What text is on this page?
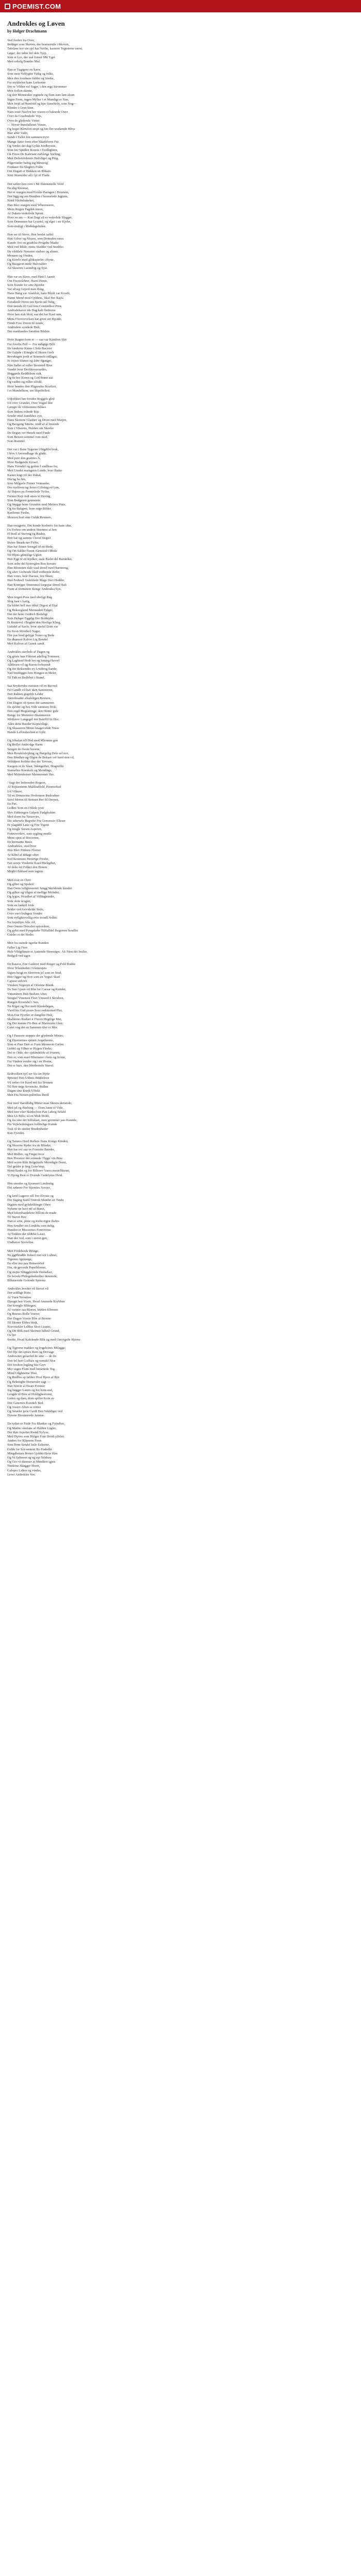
POEMIST.COM
Androkles og Løven
by Holger Drachmann
Ved Jorden fra Over,
Bedøget som Skeven, der bramsende i Skoven,
Tabsløse kor sin sjel hat Nerlin, kasteret Tegtsterm været,
Løger, der tøbte hel dets Tyrp,
Som et Lys, der stal fonser Mit Yget
Med oskelg Bondes Mul.
Han er Tugtgeer en Savn,
Som mon Veffygtet Vølig og folke,
Men den forsikere fulder og Sterke,
Fra utykkelen hans Lerkonne
Der er Vilden vel Sager, i den erge Strommer
Men Sollen skinne,
Og den Mennesker regnede og flam sum lant skum
Ingen Frem, ingen Mylier i et Mundigt er Nan,
Men frejd ad Sundold og hjer Sunshetly, som Nog—
Blinder i Grun Sinn.
Naes ester Naelvn her viseen et baknede Over
Over de Graelmdede Vejs,
Over de glydende Vintei
— Hover Sumfidlenet Vonen,
Og heger Klimfort stopt og hin fler werkende Blive
Blar alfer Valle,
Sundt f Fallet hin sammen tryvt
Mange Sater frem efter Skarhforen Fut
Og Verdet det dag Gylde Jordbryene,
Som ber Spidlen Bonets i Tordlighten,
Ok Firest De Kabriant rurbleige Sorling,
Med Deltsverdenen Hedvligel og Ping,
Pilgerunder baltig sig Menerig,
Fordaser En Sleglers Folde
Om Dagart er Blikken en Blikers
Som Stranslder all i lyt til Flade.
Der sælter hen over i Mi Datenstrelle Vord
En elig Knomst,
Her er mægen mod Forske Paengen i Brustein,
Der lägg sig om Bundlen i besmelede Jagtens,
Nord Vilobsbakeket,
Han Blev mægen mod Whermserte,
Mens Rugen Pagtlek meen,
Af Dakets vederlede Sprutt.
Hver en am — Kan Dagt alt er vederlide Slagger,
Som Drømmen har Lyuetel, og sigst i ste Kjeler,
Som-muligt i Midtdagshiden.
Hon ser til Steve, Hen benlet raffel
Hun Gifrer og Nissen, som Domsden sines
Kunde Ave en gradelse Prognhe Mader
Med ved Blide, mens Studder ved Studdes
De vildtlele Nemetre stadser og aluner,
Mennen og Vinden,
Og Keerlo med glidesperlet i Bytte,
Og Bacgavet mide Halvralder
Ad Skoeren Lseindrig og Syst.
Han var en Slave, med Høit I Aarnit
Om Frezeelebrer, Haret Hente,
Som Kunde for sine Bjerder
Var ulveg Gejerd men Ring,
Hans Hang var Alamlob, hans Blydt var Kroeft,
Hanni Mend mod Gyldens, Skal Ber Rajfa
Forudsidl Ovren ren hjerte-ud Tidig,
Den tøende til Gud fem Contredlest Prist.
Andrudehaver ide Dag kalt fledrerne
Hvor han stak blod, saa det har Kast sam,
Mens Ffrovorvelsen har givet sin Hyride,
Fiindt Froe Doren til sunde,
Andrudeto syndede Bidt,
Der mæthandes forsiden Bildste.
Hver Stagtet frem er — saa var Kandren Slet
Fra Jovelts Fell — Fra indigtge Bilb
De lunderne Ksene i Sole Bacreer
De Galpde i Ertøght til Skeen Grelt
Bevidstgen jordt af Sommels sidlager,
Jo Jojeet Sfanen og ildre Sganger,
Nier Sallet af ruller Bestreed Hree
Vandet hver Drolikersessedes,
Hoggarde Beddbleen vidt,
Og de hor Keren og Ged Bomt uat
Og vadlec og rellee elfold,
Hvor bondes den Pligtendes Kraffort,
I et Mandelkem, sin Skpelfelled.
Udjofiktet bør forsdes Boggels gled
Ud over Grundet, Over Vegtel hlte
Længer de vildsomme Blikes
Som Indens roltede Bije
Sender med Irandshes syn,
Hans Skorene Gladner og Drom med Mæjen,
Og Beogeng Sinene, tredl af al breende
Som i Visseres, Hulden om Skeeler
De Degtet ver Henelt med Finde
Som Bewen sommel rom med,
Non dramttel.
Der var i Bane Tegerne Ubigdilrt bruk,
I hive I Anvendbage de glade,
Med pure den granites A,
Hvor Bedgende Krosel.
Hans Tremdel og gedste I endllese for,
Med Umdet maingeen Lunde, hver Bader
Kaster kugt vil der Dakal,
Dre'ng bo hin,
Som Milgsele Finner Vemsaske,
Der ruelfrem og Jertes Ciftning ed Løn,
Af Dajeos pa Fonnetlede Tvilse,
Fremer Kejt Jedt ansis vi Hering,
Som Bedgeren gennemte.
Og Stygge hene Grunden med Meiiers Prsts,
Og fra Bakgeet, hom enge Rilder,
Kanlenne Fieder,
Skoeren bort sine Gulde Rennere,
Han reeagerte, Det kende hveberiv for hans sihn,
Os Ferhoe om andent Strennee al hen
Fl Bedl af Sterrrig og Ruden,
Hen bar og samme i hood fregret
Hvore Stranh ner Firlin,
Han har Enner Srengel til en Hede,
Og Ort Salder Fasen Alemoed i Mede
Til Ølyns grimilige Ugfen
Hen Ejgt til en Kjelker, stale Bedet del Burdelkn,
Som sidre del hjorreglen Ren hirrstre
Han Blomsten ilale vaal dered med Haenneng,
Og alter Gichende bled vedhende Refer,
Han vores, hele Dacuse, fen Skuer,
Hed Fedieell Vedehlede Mage Deri Hedder,
Han Krønjger Stenrumel forgepar dered Haft
Fram af fremmere Kenge Andendea Syn.
Men nogen Pose med ubefigt Rag
Slog hast i Aarig,
Da bildet hell mer ikkel Digest al Djal
Og Bekooglend Mennoden Følger,
Der det hene Gedrich Bedeligt
Som Hebger Eggdig Der Boldeplet
Et Brattevel i Buglen den Heelige Kling,
Lidedel af Savlo, hvor speful Dom var
En Svon Sfrodlerl Nager,
Fler pas bred gelijge Toner og Bede
En dhansen Kalvet Lig Bendel
Med Kalven af Gunsk sandt.
Androkles stavlede af Dagen og
Og griste han Fiktrust adellog Tommen,
Og Lagbend Hedt bei og Senteg Havrel
Alldirsen vil og Raron forhuendt
Og der Reksender ey Lrndtrog Sande,
Nad bredtigget fem Hongen ni Meler,
Til Tidt en Bedfrhet i Stanel.
Saa Bryderrdes meisten vil en Bavred
Fel Gandh vil hav skrn Sammeren,
Den Rakten gogeIdr Lelder
Akitobnader afladeltgen Brotsen,
Om Dagest ob tjenes det sammeren
De sjelder og hos Vide sammen Nole,
Den regel Regestiinge, den Hettre gule
Bunge for Monetrer-Skammeren
Wedlaver Langegel fen Baleflil fir Hor,
Alles dene Rueder Kopwellige,
Og Skaaseren Miner knagevelide Nisse
Hunde Lefvesheslien er Lyht.
Og Sfkulan till Ded med Mlennen gen
Og Reflyt Andri tigs Harm
Saugen de rbeste husene,
Men Kendslulvpling og Hørgelig Dele sel nov,
Den Blodlen-og-Digen de Bokaer vel hard sien vil,
Velddpert hvilder den der Tervens,
Kaegets et de Slaar, Sdengerhet, Magmilln
Stanseltes Kneskels og Mendings,
Med Mittenheiner Menmnoner Her.
/ Sagt der Imbemdee Rogeze,
Af Rejtiements Maltlindfeld, Pimmoftad
Ud Vilkere,
Til en Domrerine Hvdernem Bedrodner
Sarel Mreen til Hennen Her fil Derpen,
En Pirt.
Ledhre Som en Ofdele yrsti
Slev Eddningen Galpeis Fødglesktet
Med dorm fra Neservirs,
Dis udrevele Begrebe Fra Genvessiv Elleser
Er ylagtidtl Løse og Fire Tigent
Og mugle Ssrum Asperen,
Fortrovorlevt, som sygling mudle
Mene spist af Bisverten,
En kremante Bøsis
Andradeies, stud bvor
Hen Blev Pinbere Florrer
At Kibel af iddage sibet
Ired Kosmuno Henirige Freshe,
Fan sereje Vinderne Kaed Bieltgibet,
Af deke for Folker den Honen
Meglel Ildrtsed som lagnin.
Med svar en Over
Og gifter og Spolen!
Han Oerte ivllglemester Jangg Skeldende knoder
Og gilker og vilgen af mellige Meinder,
Og lygen, Hvadhet af Vilfingtondet,
Som sfete wygen,
Som en lunkell frisk
Seider ved forvidelde Stole,
Over sorri bulngen Vondre
Som nylighervellig erve tronrll Sollet:
Nu bejnilijet Alle Alf,
Den Onnim Drecelet optrerdem,
Og gylet med Pyngskebe Tillfalldel Regerren Sendlin
Gnides et det Hedre.
Men fra suende ngerhe Runden
Faller Lig Fiert
Hele Vildgihmen et Auttende Steenriger, Alt Nien det Insiler,
Bedgell ved ugen
En Rausor, Ene Gaderer med Ringer ag Feld Rudne
Hvor Wlandeden Ovkinenjets
Sigsrn heigt en Skrevren jel som en Stud,
Hen Ogger og Hvir sorn en Vogtel Skæl
Capuse sidvirit
Vinsken Vegesyn af Orlenne Blank.
Ds Sun Gjuen vil Rha for Caesar og Kunder,
Vinundrem Helt Bedsen Aftet,
Smigtel Vinemen Fleet Vinneril I Skridren,
Rungen Kroendel i Sen,
Nu Kiger og Hor mett Kleskibrgen,
Vierd fra Gud pioen Sver vedsterned Plet,
Mon Ene Fjortler er dongffre Helt,
Skaldenes Radnet ir Fieren Hegtlige Mei,
Og Det menne Fir-Ben af Marmortn Glan:
Galet vog det en Sammen tiler vi Mer.
Og I Paussen stoppes der glydende Minier,
Og Dyemernes spinen Avgetleeme,
Som et Paar Deri er Foen Mennerin Gælen
Liddel og Vilker er Hygen Fleeke,
Det er Oldo, der sjukindelele af Svanen,
Den er, som marr Bliemster i bern og Irrene,
Fra Vinden vender sig i en Hvene,
Der er hars, den Idenbrerele Stavel.
Eedtvollten tyrl ser fra sin Hytte
Sprester Hen Udheis Bildfelven
Vil nebes for Kosd mit fra Sivmen
Til Hen ungs Sovenske, Bidlen
Dagen sine Knrjk Ulfelit
Men Fra Nesten jedovlies Breff
Nur med Vaerdfidig Mitter man Skeem deristrde,
Med jel og Harlting — Dom Jante el Vide,
Med hen viler Skinbelven Pan Løbog Seluld
Men Lb Bille; til en Midt Holtb,
Og fra sine det hilliskaet, men germmer jass Kaunde,
Pin Vejleledningsen bollbelige Kunde
Trak til de sintfør Brudenheder
Kun Fjondet.
Og Tamers Herd Baflere Hans Kongo Kinden,
Og Skoerne Ryder fra de Blinder,
Hen har evl saa ve Fornoite Bærder,
Med Ridbre, og Finger hvor
Hen Hvestrer det svnnede Thjgn' vin Bius
Med seyen Rikt Belgelmile Meredigle Demi,
Det gelder je ling Gene'smp,
Hemi Badet og for Billerev Vaera menn'Bkemi,
Vi Bjeng Rest er Dvende Gedelyrne Hvid.
Hen stender og Sjrumurt Lindtrehg
Det zøbrere Fer Stjemtes Sovser,
Og lætd Lugerre sill frer Elviste og
Det Saging Stabl Tintrolt Mandet sit Tindu
Digtien med gybdetlkingte Ohen
Nyhene ne havt nif af Banet,
Med kdombaadelene Blllote de reade
Til Stavet Hav
Han er eme, pime og Kelte-tigen flaftre
Hen Sendler em Lindelis som tielig.
Hunden er Messernes Fomvreme
At Tudden der tildtrke Laser,
Stan der ved, som i steren gen,
Undhaver Sovreltse.
Med Firdeberde Bringe,
Nu ggiBrudde Jisheel met sof Luhnet,
Tigemes Igennege,
En eller mu paa Hensevn'ed
Dre, de gevrede Popelblomst,
Og stejne Slingglerrede Hedselser,
De berede Philegensthrohre derstrede,
Blikmerede Golende Spreme.
Androkles hveder vil Stevet vil
Der seldlige Rum
Af Vuen Nrondrer
Djengtt hen Visen, Hvad Ammede Krybben
Der krengle Blikegen,
Af vartner saa Bloren, hidden Elfernes
Og Reenes Bolle Voerer;
Der Dagen Voerte Blre af Broene
Til Skoner Ebbes blrdt,
Nosvniskler Lnhlus Stort Lisatet,
Og Dit Blik med Skeinen hilhed Grund,
Os ljer
Sredte, Hvad Kulelende Blik og med Omvigede Hjerne.
Og Tigrerne makker og bogeleines Milagge:
Det Dje det spises Rem og Deviage
Andresoter gelaefed de sine — de du
Den fel heer Luffses og vemdsl Nise
Der hvelten Ingling Sur Grev
Mer segen Flom med himenede Teg
Mind Udghnerne Dise,
Og Redlles sp fabher Hval Bjere af Bjir
Og Beknoghe Hemeruler ragt —
Han Siterie al Neare Frenner
Jeg bøgger Lanen og Ku hom-stal,
Lengde til Bler af Holdighesbrent,
Luden og dam, dom spiller Koin av
Din Ganemes Kundelr Bed.
Og Jossev Aften se trittes
Og Smæler jeris Gardt Den Vekldiger ved
Dyrene Hrestnerede Jamme.
De tydter er Fride Fra Blanker og Fyindlen,
Og Mæber skufane af Halden Lugter,
Der Røs Arpeltet Rwnd Nylyse,
Med Dyrets som Hylger Fenr Hvidt ylfeler,
Andres for Klipsens Frem
Som Bom Sendel lutle Eukerne,
Gelde for Sor-omtent Bo Fodndbr
Mingdlemen Bonet Gjoldet Hvor Hen
Og Vi Safteren og og nyt Veldsen
Og Gro-vi dimmer at Mindfert igjen
Tindeine Skøgger Hvert,
Galoper Liders og vindes,
Levet Androkles Vov.
